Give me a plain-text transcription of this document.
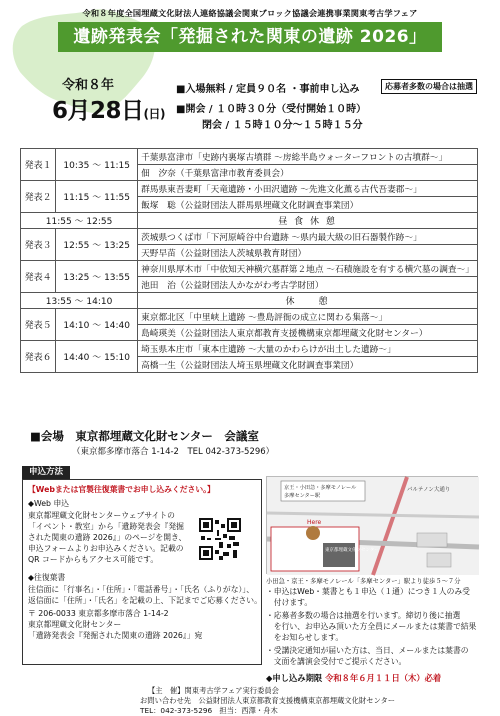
令和８年度全国埋蔵文化財法人連絡協議会関東ブロック協議会連携事業関東考古学フェア
遺跡発表会「発掘された関東の遺跡 2026」
令和８年
6月28日(日)
■入場無料 / 定員９０名 ・事前申し込み	応募者多数の場合は抽選
■開会 / １０時３０分（受付開始１０時）
閉会 / １５時１０分～１５時１５分
発表１	10:35 ～ 11:15	千葉県富津市「史跡内裏塚古墳群 ～房総半島ウォーターフロントの古墳群～」
		佃　汐奈（千葉県富津市教育委員会）
発表２	11:15 ～ 11:55	群馬県東吾妻町「天竜遺跡・小田沢遺跡 ～先進文化薫る古代吾妻郡～」
		飯塚　聡（公益財団法人群馬県埋蔵文化財調査事業団）
11:55 ～ 12:55		昼 食 休 憩
発表３	12:55 ～ 13:25	茨城県つくば市「下河原崎谷中台遺跡 ～県内最大級の旧石器製作跡～」
		天野早苗（公益財団法人茨城県教育財団）
発表４	13:25 ～ 13:55	神奈川県厚木市「中依知天神横穴墓群第２地点 ～石積施設を有する横穴墓の調査～」
		池田　治（公益財団法人かながわ考古学財団）
13:55 ～ 14:10		休　　憩
発表５	14:10 ～ 14:40	東京都北区「中里峡上遺跡 ～豊島評衙の成立に関わる集落～」
		島崎瑛美（公益財団法人東京都教育支援機構東京都埋蔵文化財センター）
発表６	14:40 ～ 15:10	埼玉県本庄市「東本庄遺跡 ～大量のかわらけが出土した遺跡～」
		高橋一生（公益財団法人埼玉県埋蔵文化財調査事業団）
■会場　東京都埋蔵文化財センター　会議室
（東京都多摩市落合 1-14-2　TEL 042-373-5296）
申込方法
【Webまたは官製往復葉書でお申し込みください。】
◆Web 申込
東京都埋蔵文化財センターウェブサイトの
「イベント・教室」から「遺跡発表会『発掘
された関東の遺跡 2026』」のページを開き、
申込フォームよりお申込みください。記載の
QR コードからもアクセス可能です。
◆往復葉書
往信面に「行事名」・「住所」・「電話番号」・「氏名（ふりがな）」、
返信面に「住所」・「氏名」を記載の上、下記までご応募ください。
〒 206-0033 東京都多摩市落合 1-14-2
東京都埋蔵文化財センター
「遺跡発表会『発掘された関東の遺跡 2026』」宛
京王・小田急・多摩モノレール
多摩センター駅
パルテノン大通り
Here
東京都埋蔵文化財センター
小田急・京王・多摩モノレール「多摩センター」駅より徒歩５～７分
・申込はWeb・葉書とも１申込（１通）につき１人のみ受
　付けます。
・応募者多数の場合は抽選を行います。締切り後に抽選
　を行い、お申込み頂いた方全員にメールまたは葉書で結果
　をお知らせします。
・受講決定通知が届いた方は、当日、メールまたは葉書の
　文面を講演会受付でご提示ください。
◆申し込み期限 令和８年６月１１日（木）必着
【主　催】関東考古学フェア実行委員会
お問い合わせ先　公益財団法人東京都教育支援機構東京都埋蔵文化財センター
TEL：042-373-5296　担当：西澤・舟木
